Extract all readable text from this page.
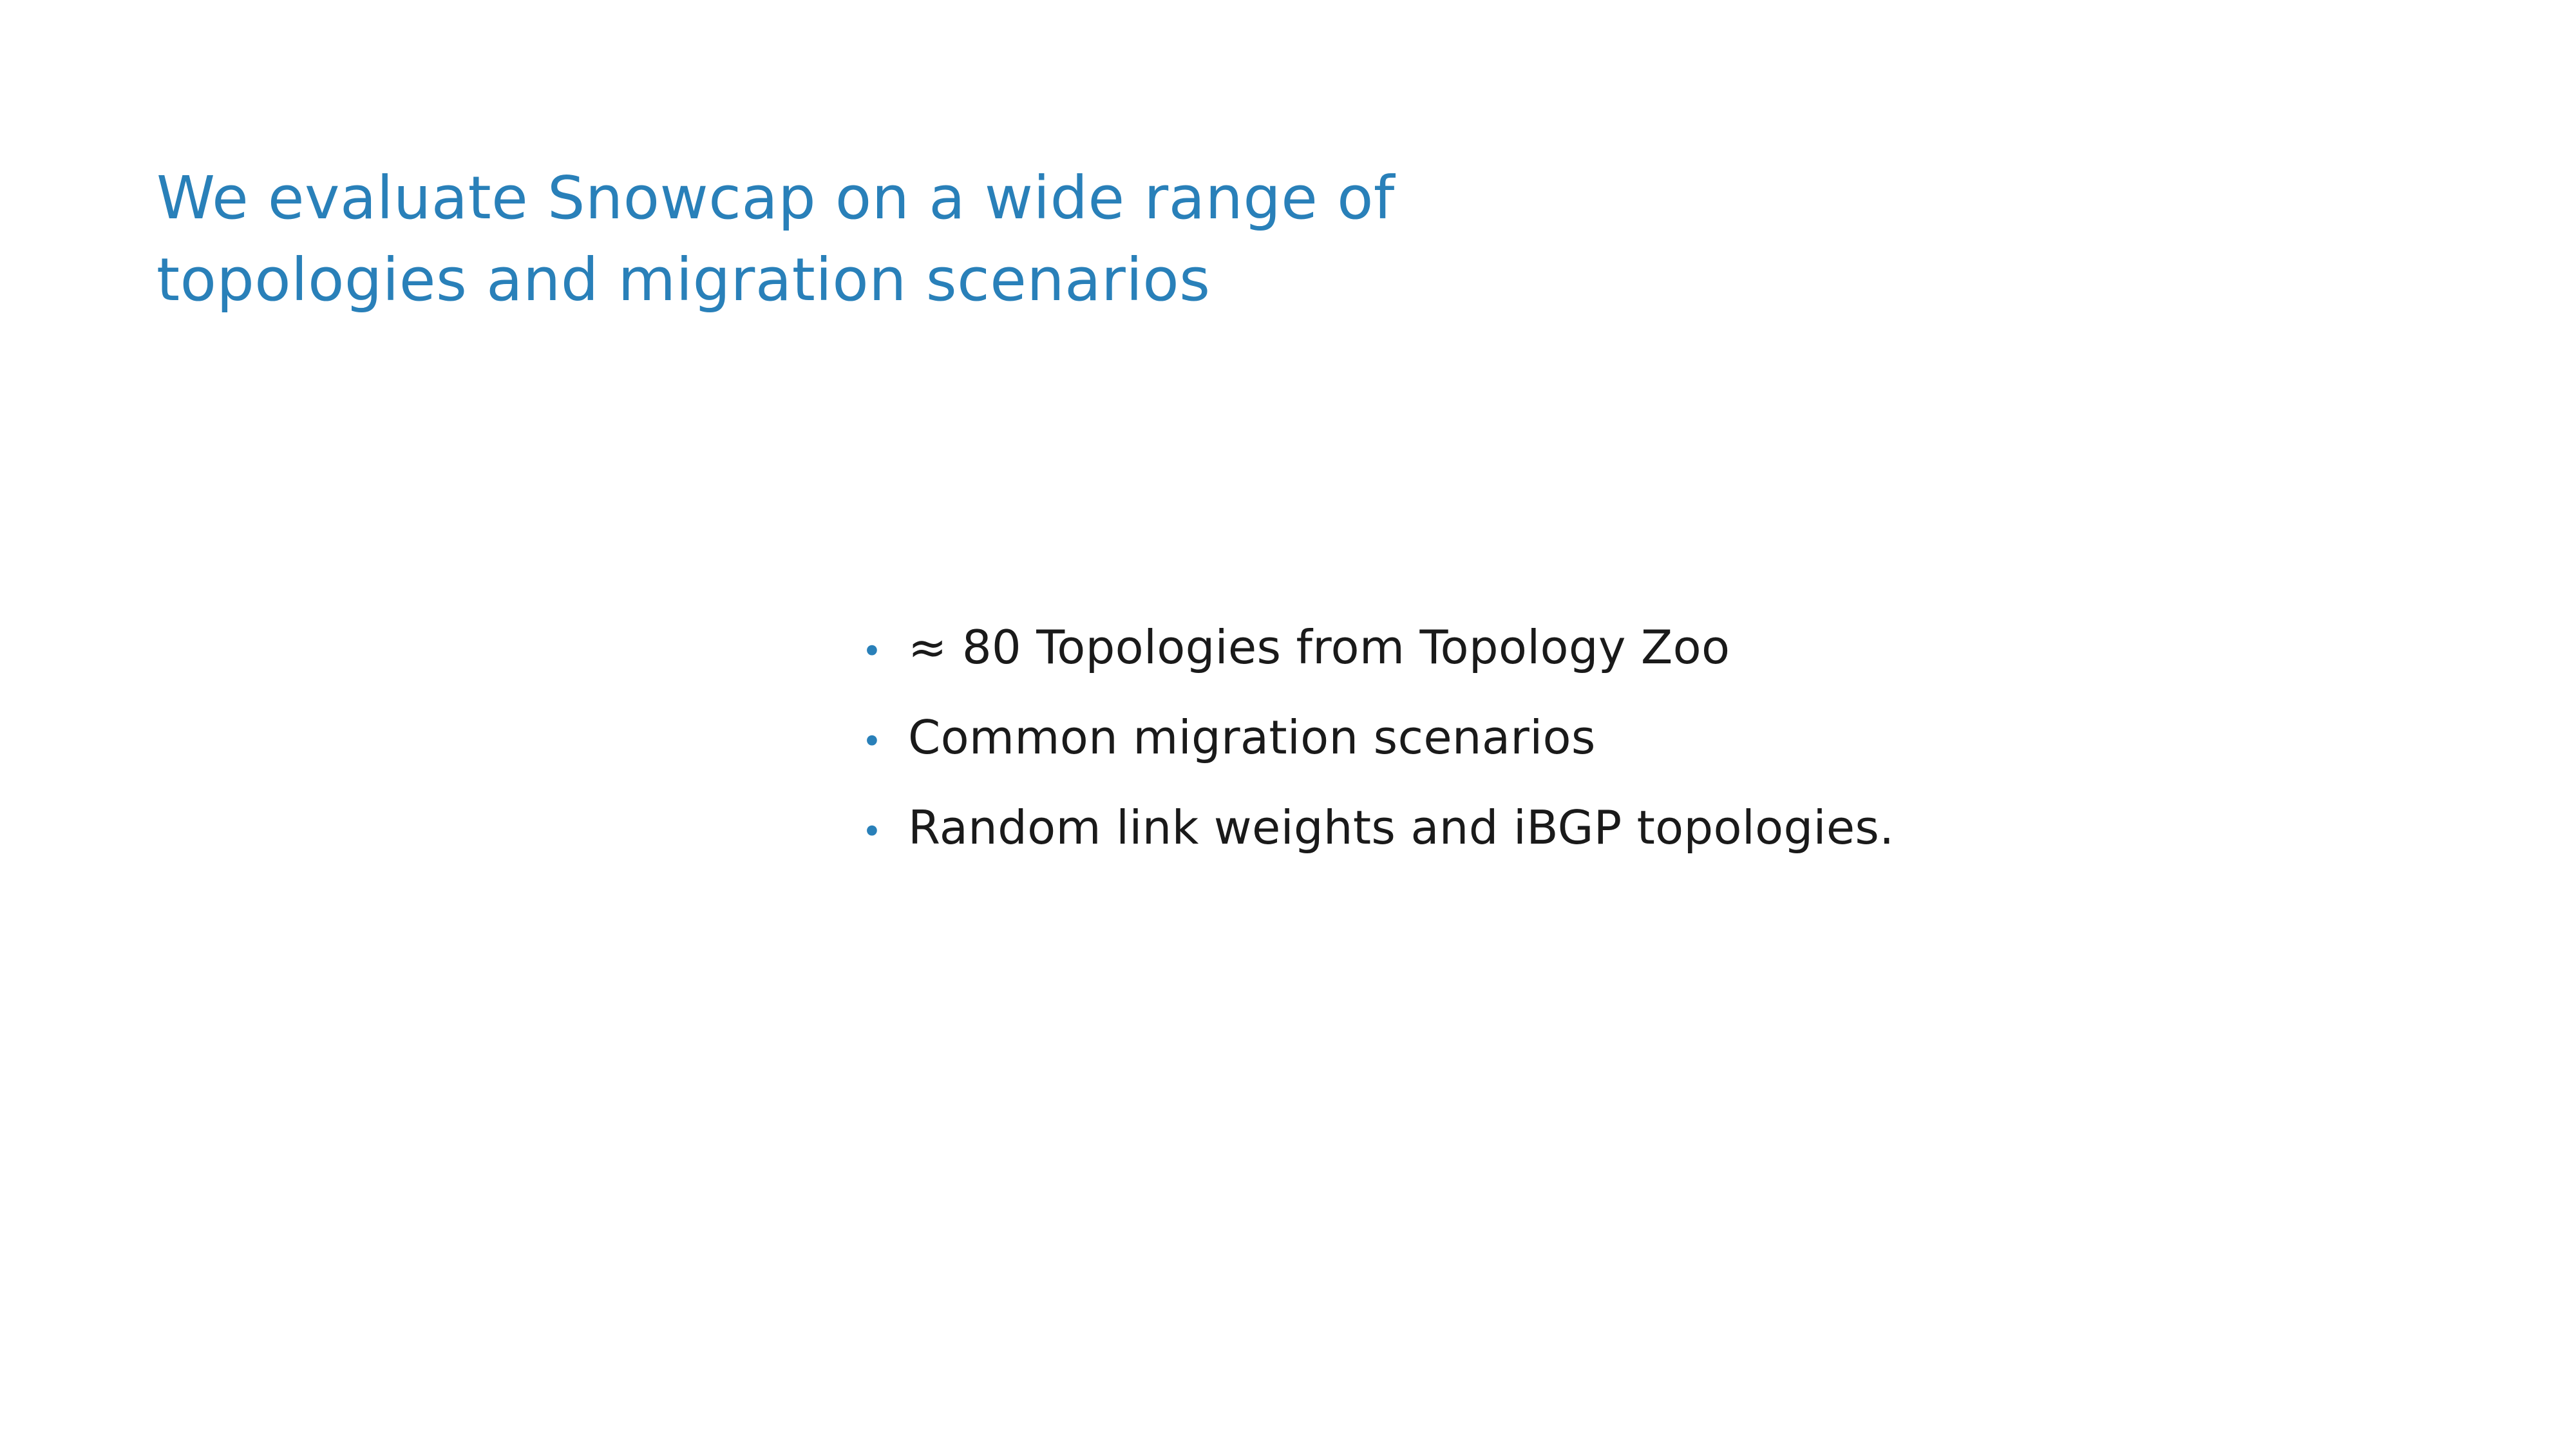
We evaluate Snowcap on a wide range of
topologies and migration scenarios
• ≈ 80 Topologies from Topology Zoo
• Common migration scenarios
• Random link weights and iBGP topologies.
